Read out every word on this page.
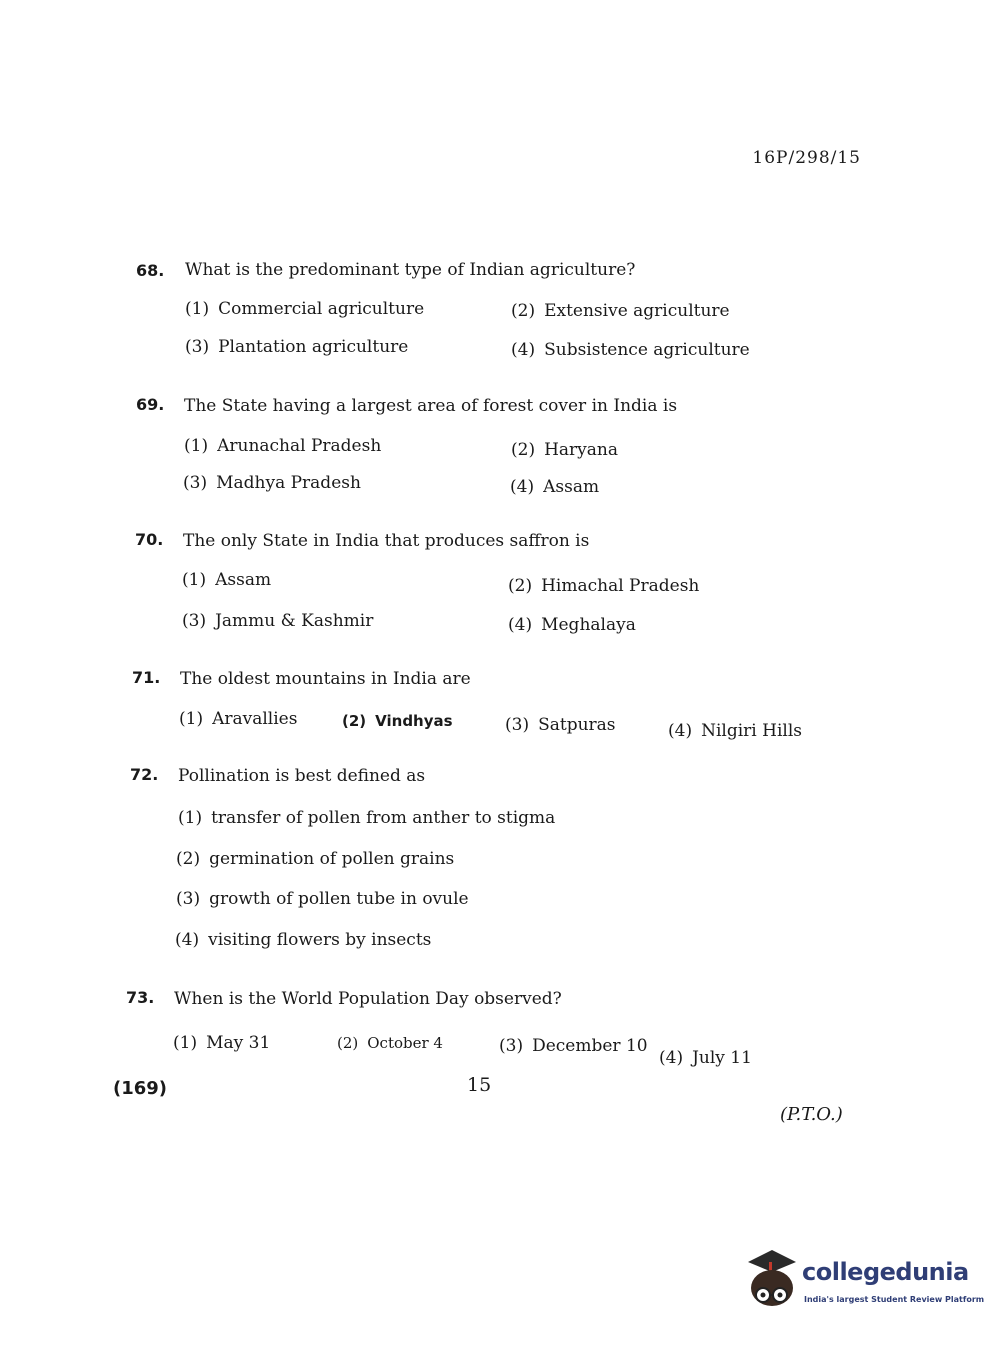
16P/298/15
68. What is the predominant type of Indian agriculture?
(1) Commercial agriculture	(2) Extensive agriculture
(3) Plantation agriculture	(4) Subsistence agriculture
69. The State having a largest area of forest cover in India is
(1) Arunachal Pradesh	(2) Haryana
(3) Madhya Pradesh	(4) Assam
70. The only State in India that produces saffron is
(1) Assam	(2) Himachal Pradesh
(3) Jammu & Kashmir	(4) Meghalaya
71. The oldest mountains in India are
(1) Aravallies	(2) Vindhyas	(3) Satpuras	(4) Nilgiri Hills
72. Pollination is best defined as
(1) transfer of pollen from anther to stigma
(2) germination of pollen grains
(3) growth of pollen tube in ovule
(4) visiting flowers by insects
73. When is the World Population Day observed?
(1) May 31	(2) October 4	(3) December 10
(4) July 11
(169)	15
(P.T.O.)
collegedunia
India's largest Student Review Platform
